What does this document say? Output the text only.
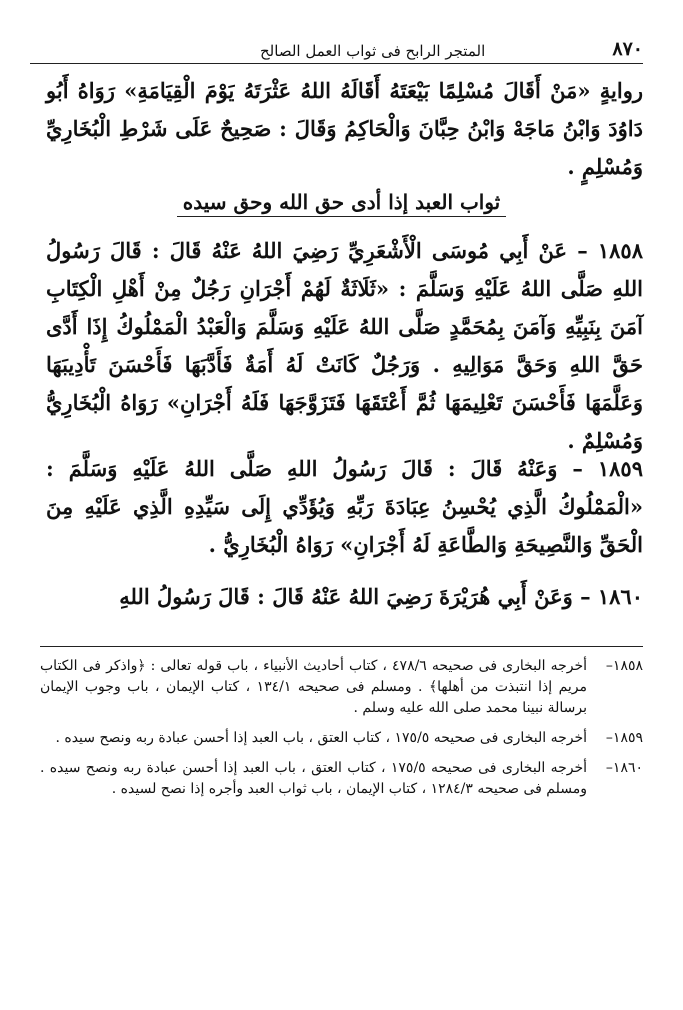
٨٧٠
المتجر الرابح فى ثواب العمل الصالح
روايةٍ «مَنْ أَقَالَ مُسْلِمًا بَيْعَتَهُ أَقَالَهُ اللهُ عَثْرَتَهُ يَوْمَ الْقِيَامَةِ» رَوَاهُ أَبُو دَاوُدَ وَابْنُ مَاجَهْ وَابْنُ حِبَّانَ وَالْحَاكِمُ وَقَالَ : صَحِيحٌ عَلَى شَرْطِ الْبُخَارِيِّ وَمُسْلِمٍ .
ثواب العبد إذا أدى حق الله وحق سيده
١٨٥٨ – عَنْ أَبِي مُوسَى الْأَشْعَرِيِّ رَضِيَ اللهُ عَنْهُ قَالَ : قَالَ رَسُولُ اللهِ صَلَّى اللهُ عَلَيْهِ وَسَلَّمَ : «ثَلَاثَةٌ لَهُمْ أَجْرَانِ رَجُلٌ مِنْ أَهْلِ الْكِتَابِ آمَنَ بِنَبِيِّهِ وَآمَنَ بِمُحَمَّدٍ صَلَّى اللهُ عَلَيْهِ وَسَلَّمَ وَالْعَبْدُ الْمَمْلُوكُ إِذَا أَدَّى حَقَّ اللهِ وَحَقَّ مَوَالِيهِ . وَرَجُلٌ كَانَتْ لَهُ أَمَةٌ فَأَدَّبَهَا فَأَحْسَنَ تَأْدِيبَهَا وَعَلَّمَهَا فَأَحْسَنَ تَعْلِيمَهَا ثُمَّ أَعْتَقَهَا فَتَزَوَّجَهَا فَلَهُ أَجْرَانِ» رَوَاهُ الْبُخَارِيُّ وَمُسْلِمٌ .
١٨٥٩ – وَعَنْهُ قَالَ : قَالَ رَسُولُ اللهِ صَلَّى اللهُ عَلَيْهِ وَسَلَّمَ : «الْمَمْلُوكُ الَّذِي يُحْسِنُ عِبَادَةَ رَبِّهِ وَيُؤَدِّي إِلَى سَيِّدِهِ الَّذِي عَلَيْهِ مِنَ الْحَقِّ وَالنَّصِيحَةِ وَالطَّاعَةِ لَهُ أَجْرَانِ» رَوَاهُ الْبُخَارِيُّ .
١٨٦٠ – وَعَنْ أَبِي هُرَيْرَةَ رَضِيَ اللهُ عَنْهُ قَالَ : قَالَ رَسُولُ اللهِ
١٨٥٨–
أخرجه البخارى فى صحيحه ٤٧٨/٦ ، كتاب أحاديث الأنبياء ، باب قوله تعالى : ﴿واذكر فى الكتاب مريم إذا انتبذت من أهلها﴾ . ومسلم فى صحيحه ١٣٤/١ ، كتاب الإيمان ، باب وجوب الإيمان برسالة نبينا محمد صلى الله عليه وسلم .
١٨٥٩–
أخرجه البخارى فى صحيحه ١٧٥/٥ ، كتاب العتق ، باب العبد إذا أحسن عبادة ربه ونصح سيده .
١٨٦٠–
أخرجه البخارى فى صحيحه ١٧٥/٥ ، كتاب العتق ، باب العبد إذا أحسن عبادة ربه ونصح سيده . ومسلم فى صحيحه ١٢٨٤/٣ ، كتاب الإيمان ، باب ثواب العبد وأجره إذا نصح لسيده .
